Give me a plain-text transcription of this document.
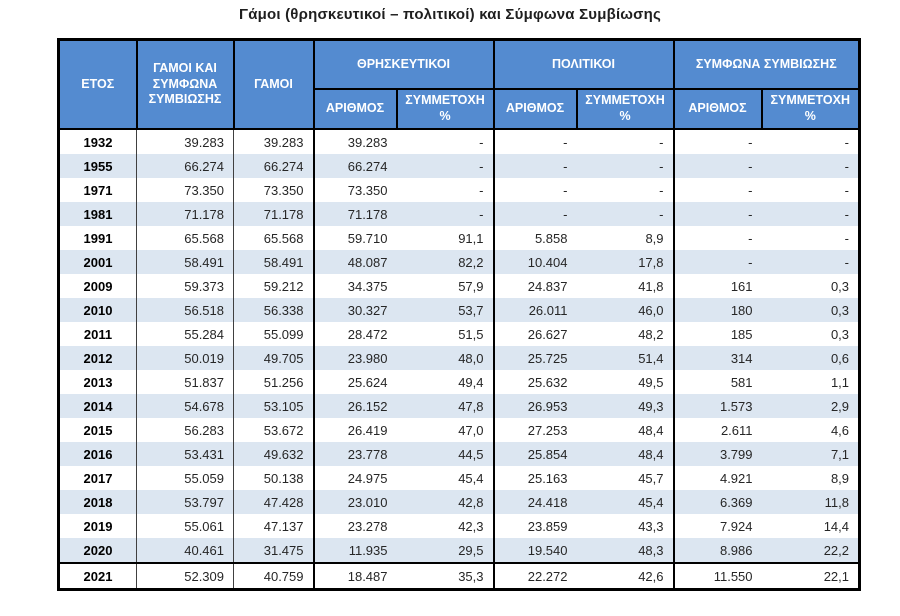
Γάμοι (θρησκευτικοί – πολιτικοί) και Σύμφωνα Συμβίωσης
ΕΤΟΣ	ΓΑΜΟΙ ΚΑΙ ΣΥΜΦΩΝΑ ΣΥΜΒΙΩΣΗΣ	ΓΑΜΟΙ	ΘΡΗΣΚΕΥΤΙΚΟΙ		ΠΟΛΙΤΙΚΟΙ		ΣΥΜΦΩΝΑ ΣΥΜΒΙΩΣΗΣ	
			ΑΡΙΘΜΟΣ	ΣΥΜΜΕΤΟΧΗ %	ΑΡΙΘΜΟΣ	ΣΥΜΜΕΤΟΧΗ %	ΑΡΙΘΜΟΣ	ΣΥΜΜΕΤΟΧΗ %
1932	39.283	39.283	39.283	-	-	-	-	-
1955	66.274	66.274	66.274	-	-	-	-	-
1971	73.350	73.350	73.350	-	-	-	-	-
1981	71.178	71.178	71.178	-	-	-	-	-
1991	65.568	65.568	59.710	91,1	5.858	8,9	-	-
2001	58.491	58.491	48.087	82,2	10.404	17,8	-	-
2009	59.373	59.212	34.375	57,9	24.837	41,8	161	0,3
2010	56.518	56.338	30.327	53,7	26.011	46,0	180	0,3
2011	55.284	55.099	28.472	51,5	26.627	48,2	185	0,3
2012	50.019	49.705	23.980	48,0	25.725	51,4	314	0,6
2013	51.837	51.256	25.624	49,4	25.632	49,5	581	1,1
2014	54.678	53.105	26.152	47,8	26.953	49,3	1.573	2,9
2015	56.283	53.672	26.419	47,0	27.253	48,4	2.611	4,6
2016	53.431	49.632	23.778	44,5	25.854	48,4	3.799	7,1
2017	55.059	50.138	24.975	45,4	25.163	45,7	4.921	8,9
2018	53.797	47.428	23.010	42,8	24.418	45,4	6.369	11,8
2019	55.061	47.137	23.278	42,3	23.859	43,3	7.924	14,4
2020	40.461	31.475	11.935	29,5	19.540	48,3	8.986	22,2
2021	52.309	40.759	18.487	35,3	22.272	42,6	11.550	22,1
